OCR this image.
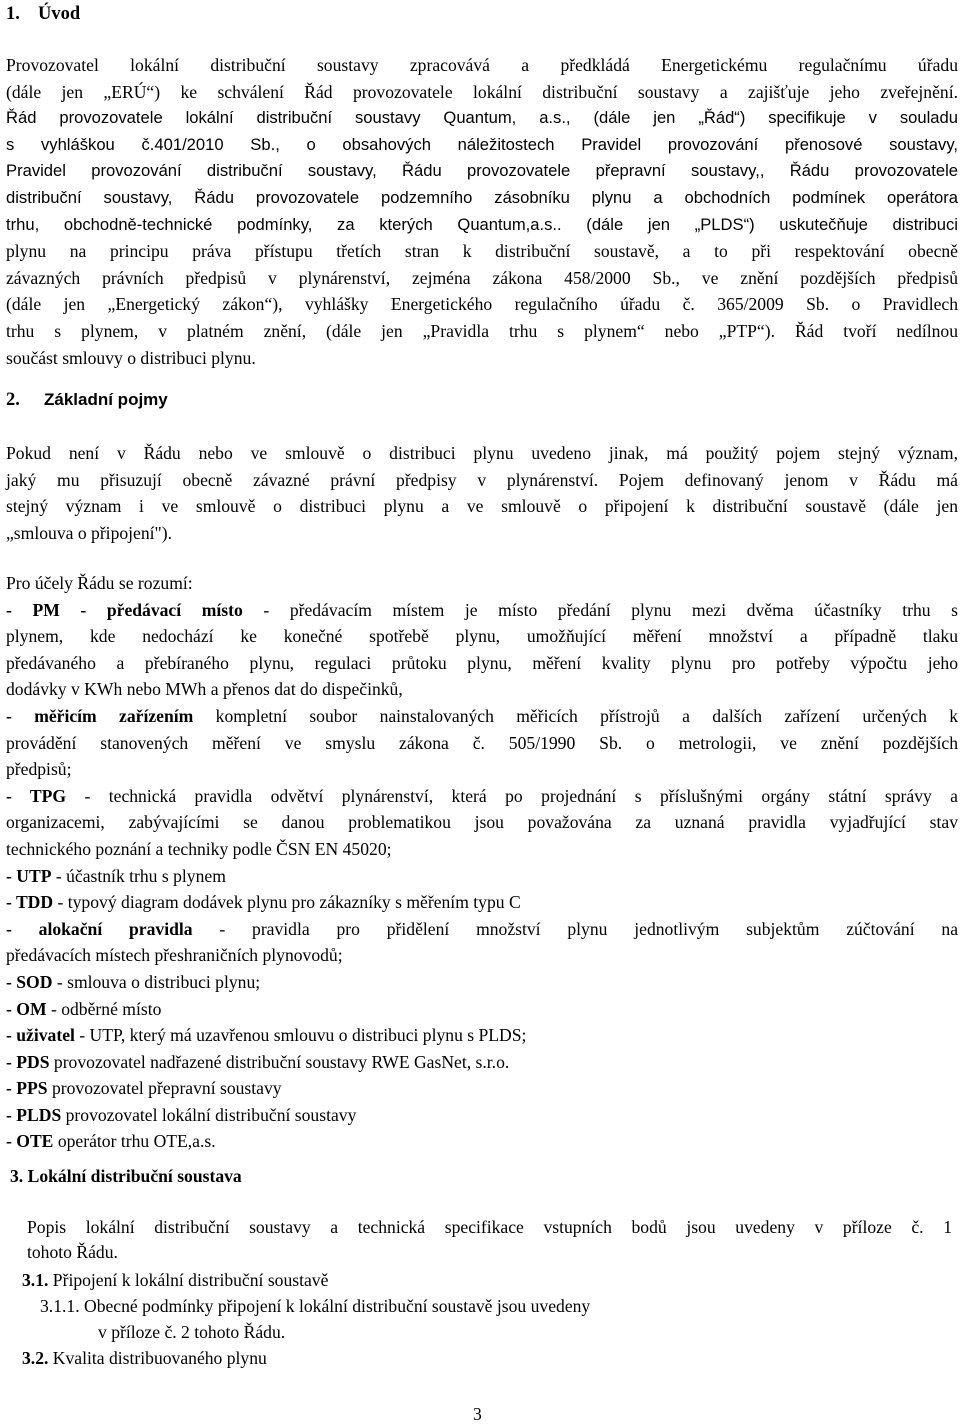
1. Úvod
Provozovatel lokální distribuční soustavy zpracovává a předkládá Energetickému regulačnímu úřadu
(dále jen „ERÚ“) ke schválení Řád provozovatele lokální distribuční soustavy a zajišťuje jeho zveřejnění.
Řád provozovatele lokální distribuční soustavy Quantum, a.s., (dále jen „Řád“) specifikuje v souladu
s vyhláškou č.401/2010 Sb., o obsahových náležitostech Pravidel provozování přenosové soustavy,
Pravidel provozování distribuční soustavy, Řádu provozovatele přepravní soustavy,, Řádu provozovatele
distribuční soustavy, Řádu provozovatele podzemního zásobníku plynu a obchodních podmínek operátora
trhu, obchodně-technické podmínky, za kterých Quantum,a.s.. (dále jen „PLDS“) uskutečňuje distribuci
plynu na principu práva přístupu třetích stran k distribuční soustavě, a to při respektování obecně
závazných právních předpisů v plynárenství, zejména zákona 458/2000 Sb., ve znění pozdějších předpisů
(dále jen „Energetický zákon“), vyhlášky Energetického regulačního úřadu č. 365/2009 Sb. o Pravidlech
trhu s plynem, v platném znění, (dále jen „Pravidla trhu s plynem“ nebo „PTP“). Řád tvoří nedílnou
součást smlouvy o distribuci plynu.
2. Základní pojmy
Pokud není v Řádu nebo ve smlouvě o distribuci plynu uvedeno jinak, má použitý pojem stejný význam,
jaký mu přisuzují obecně závazné právní předpisy v plynárenství. Pojem definovaný jenom v Řádu má
stejný význam i ve smlouvě o distribuci plynu a ve smlouvě o připojení k distribuční soustavě (dále jen
„smlouva o připojení").
Pro účely Řádu se rozumí:
- PM - předávací místo - předávacím místem je místo předání plynu mezi dvěma účastníky trhu s
plynem, kde nedochází ke konečné spotřebě plynu, umožňující měření množství a případně tlaku
předávaného a přebíraného plynu, regulaci průtoku plynu, měření kvality plynu pro potřeby výpočtu jeho
dodávky v KWh nebo MWh a přenos dat do dispečinků,
- měřicím zařízením kompletní soubor nainstalovaných měřicích přístrojů a dalších zařízení určených k
provádění stanovených měření ve smyslu zákona č. 505/1990 Sb. o metrologii, ve znění pozdějších
předpisů;
- TPG - technická pravidla odvětví plynárenství, která po projednání s příslušnými orgány státní správy a
organizacemi, zabývajícími se danou problematikou jsou považována za uznaná pravidla vyjadřující stav
technického poznání a techniky podle ČSN EN 45020;
- UTP - účastník trhu s plynem
- TDD - typový diagram dodávek plynu pro zákazníky s měřením typu C
- alokační pravidla - pravidla pro přidělení množství plynu jednotlivým subjektům zúčtování na
předávacích místech přeshraničních plynovodů;
- SOD - smlouva o distribuci plynu;
- OM - odběrné místo
- uživatel - UTP, který má uzavřenou smlouvu o distribuci plynu s PLDS;
- PDS provozovatel nadřazené distribuční soustavy RWE GasNet, s.r.o.
- PPS provozovatel přepravní soustavy
- PLDS provozovatel lokální distribuční soustavy
- OTE operátor trhu OTE,a.s.
3. Lokální distribuční soustava
Popis lokální distribuční soustavy a technická specifikace vstupních bodů jsou uvedeny v příloze č. 1
tohoto Řádu.
3.1. Připojení k lokální distribuční soustavě
3.1.1. Obecné podmínky připojení k lokální distribuční soustavě jsou uvedeny
v příloze č. 2 tohoto Řádu.
3.2. Kvalita distribuovaného plynu
3
